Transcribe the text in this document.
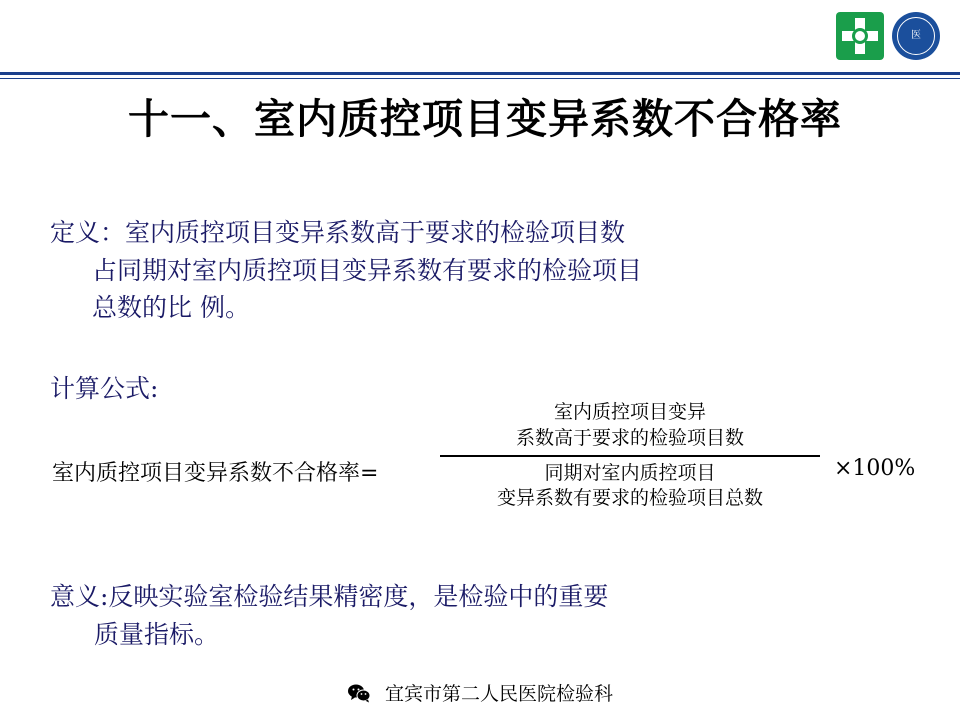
医
十一、室内质控项目变异系数不合格率
定义：室内质控项目变异系数高于要求的检验项目数
占同期对室内质控项目变异系数有要求的检验项目
总数的比 例。
计算公式:
室内质控项目变异系数不合格率=
室内质控项目变异
系数高于要求的检验项目数
同期对室内质控项目
变异系数有要求的检验项目总数
×100%
意义:反映实验室检验结果精密度，是检验中的重要
质量指标。
宜宾市第二人民医院检验科
